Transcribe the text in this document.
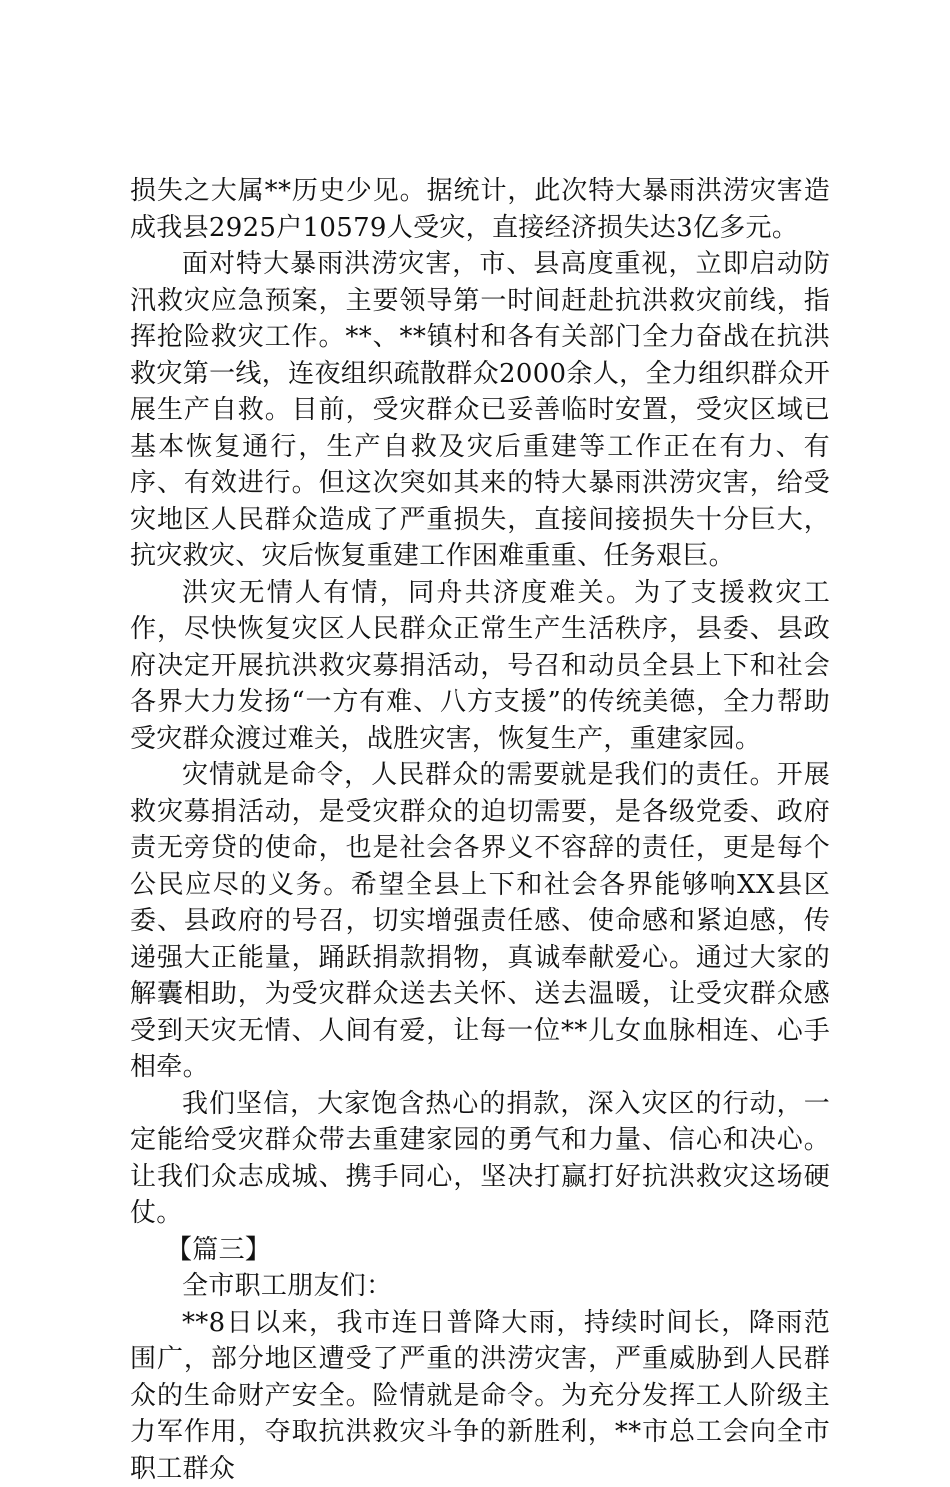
损失之大属**历史少见。据统计，此次特大暴雨洪涝灾害造成我县2925户10579人受灾，直接经济损失达3亿多元。

面对特大暴雨洪涝灾害，市、县高度重视，立即启动防汛救灾应急预案，主要领导第一时间赶赴抗洪救灾前线，指挥抢险救灾工作。**、**镇村和各有关部门全力奋战在抗洪救灾第一线，连夜组织疏散群众2000余人，全力组织群众开展生产自救。目前，受灾群众已妥善临时安置，受灾区域已基本恢复通行，生产自救及灾后重建等工作正在有力、有序、有效进行。但这次突如其来的特大暴雨洪涝灾害，给受灾地区人民群众造成了严重损失，直接间接损失十分巨大，抗灾救灾、灾后恢复重建工作困难重重、任务艰巨。

洪灾无情人有情，同舟共济度难关。为了支援救灾工作，尽快恢复灾区人民群众正常生产生活秩序，县委、县政府决定开展抗洪救灾募捐活动，号召和动员全县上下和社会各界大力发扬“一方有难、八方支援”的传统美德，全力帮助受灾群众渡过难关，战胜灾害，恢复生产，重建家园。

灾情就是命令，人民群众的需要就是我们的责任。开展救灾募捐活动，是受灾群众的迫切需要，是各级党委、政府责无旁贷的使命，也是社会各界义不容辞的责任，更是每个公民应尽的义务。希望全县上下和社会各界能够响XX县区委、县政府的号召，切实增强责任感、使命感和紧迫感，传递强大正能量，踊跃捐款捐物，真诚奉献爱心。通过大家的解囊相助，为受灾群众送去关怀、送去温暖，让受灾群众感受到天灾无情、人间有爱，让每一位**儿女血脉相连、心手相牵。

我们坚信，大家饱含热心的捐款，深入灾区的行动，一定能给受灾群众带去重建家园的勇气和力量、信心和决心。让我们众志成城、携手同心，坚决打赢打好抗洪救灾这场硬仗。

【篇三】

全市职工朋友们：

**8日以来，我市连日普降大雨，持续时间长，降雨范围广，部分地区遭受了严重的洪涝灾害，严重威胁到人民群众的生命财产安全。险情就是命令。为充分发挥工人阶级主力军作用，夺取抗洪救灾斗争的新胜利，**市总工会向全市职工群众
